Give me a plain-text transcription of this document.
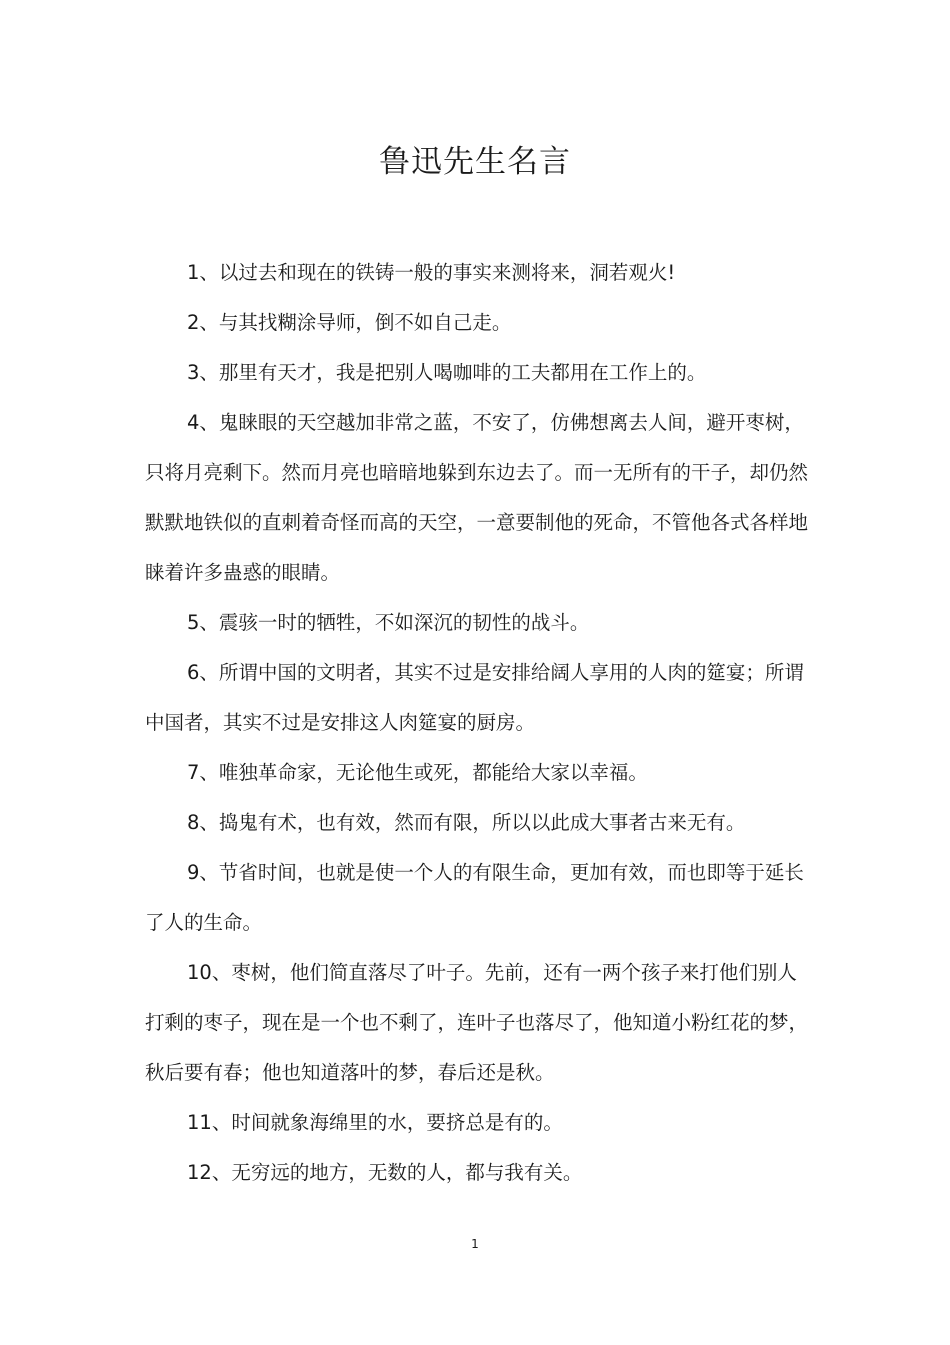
鲁迅先生名言

1、以过去和现在的铁铸一般的事实来测将来，洞若观火!

2、与其找糊涂导师，倒不如自己走。

3、那里有天才，我是把别人喝咖啡的工夫都用在工作上的。

4、鬼睐眼的天空越加非常之蓝，不安了，仿佛想离去人间，避开枣树，只将月亮剩下。然而月亮也暗暗地躲到东边去了。而一无所有的干子，却仍然默默地铁似的直刺着奇怪而高的天空，一意要制他的死命，不管他各式各样地睐着许多蛊惑的眼睛。

5、震骇一时的牺牲，不如深沉的韧性的战斗。

6、所谓中国的文明者，其实不过是安排给阔人享用的人肉的筵宴；所谓中国者，其实不过是安排这人肉筵宴的厨房。

7、唯独革命家，无论他生或死，都能给大家以幸福。

8、捣鬼有术，也有效，然而有限，所以以此成大事者古来无有。

9、节省时间，也就是使一个人的有限生命，更加有效，而也即等于延长了人的生命。

10、枣树，他们简直落尽了叶子。先前，还有一两个孩子来打他们别人打剩的枣子，现在是一个也不剩了，连叶子也落尽了，他知道小粉红花的梦，秋后要有春；他也知道落叶的梦，春后还是秋。

11、时间就象海绵里的水，要挤总是有的。

12、无穷远的地方，无数的人，都与我有关。

1
